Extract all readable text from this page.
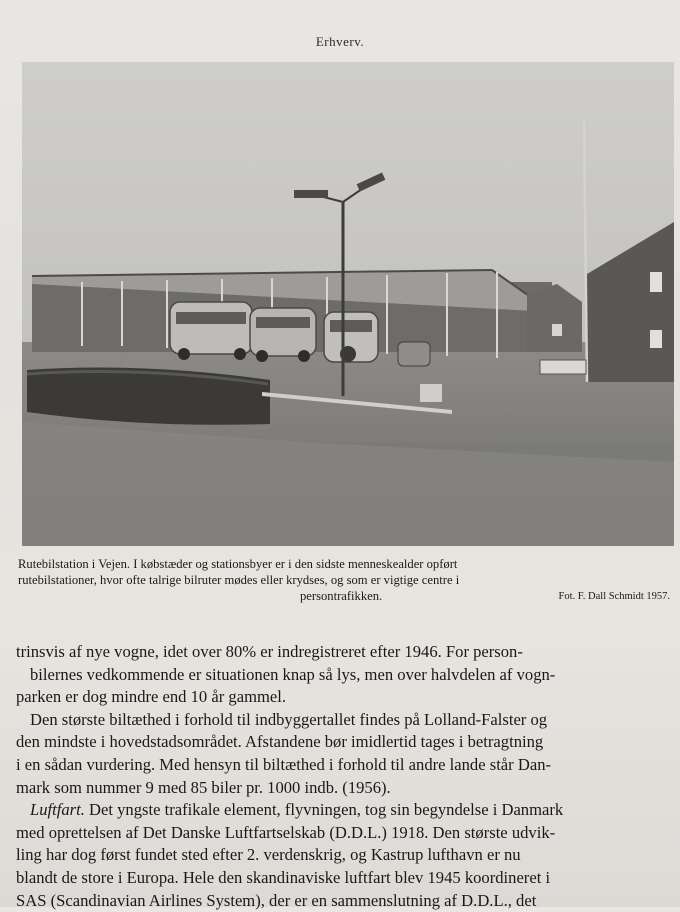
Erhverv.
Rutebilstation i Vejen. I købstæder og stationsbyer er i den sidste menneskealder opført
rutebilstationer, hvor ofte talrige bilruter mødes eller krydses, og som er vigtige centre i
persontrafikken.	Fot. F. Dall Schmidt 1957.
trinsvis af nye vogne, idet over 80% er indregistreret efter 1946. For person-
bilernes vedkommende er situationen knap så lys, men over halvdelen af vogn-
parken er dog mindre end 10 år gammel.
Den største biltæthed i forhold til indbyggertallet findes på Lolland-Falster og
den mindste i hovedstadsområdet. Afstandene bør imidlertid tages i betragtning
i en sådan vurdering. Med hensyn til biltæthed i forhold til andre lande står Dan-
mark som nummer 9 med 85 biler pr. 1000 indb. (1956).
Luftfart. Det yngste trafikale element, flyvningen, tog sin begyndelse i Danmark
med oprettelsen af Det Danske Luftfartselskab (D.D.L.) 1918. Den største udvik-
ling har dog først fundet sted efter 2. verdenskrig, og Kastrup lufthavn er nu
blandt de store i Europa. Hele den skandinaviske luftfart blev 1945 koordineret i
SAS (Scandinavian Airlines System), der er en sammenslutning af D.D.L., det
